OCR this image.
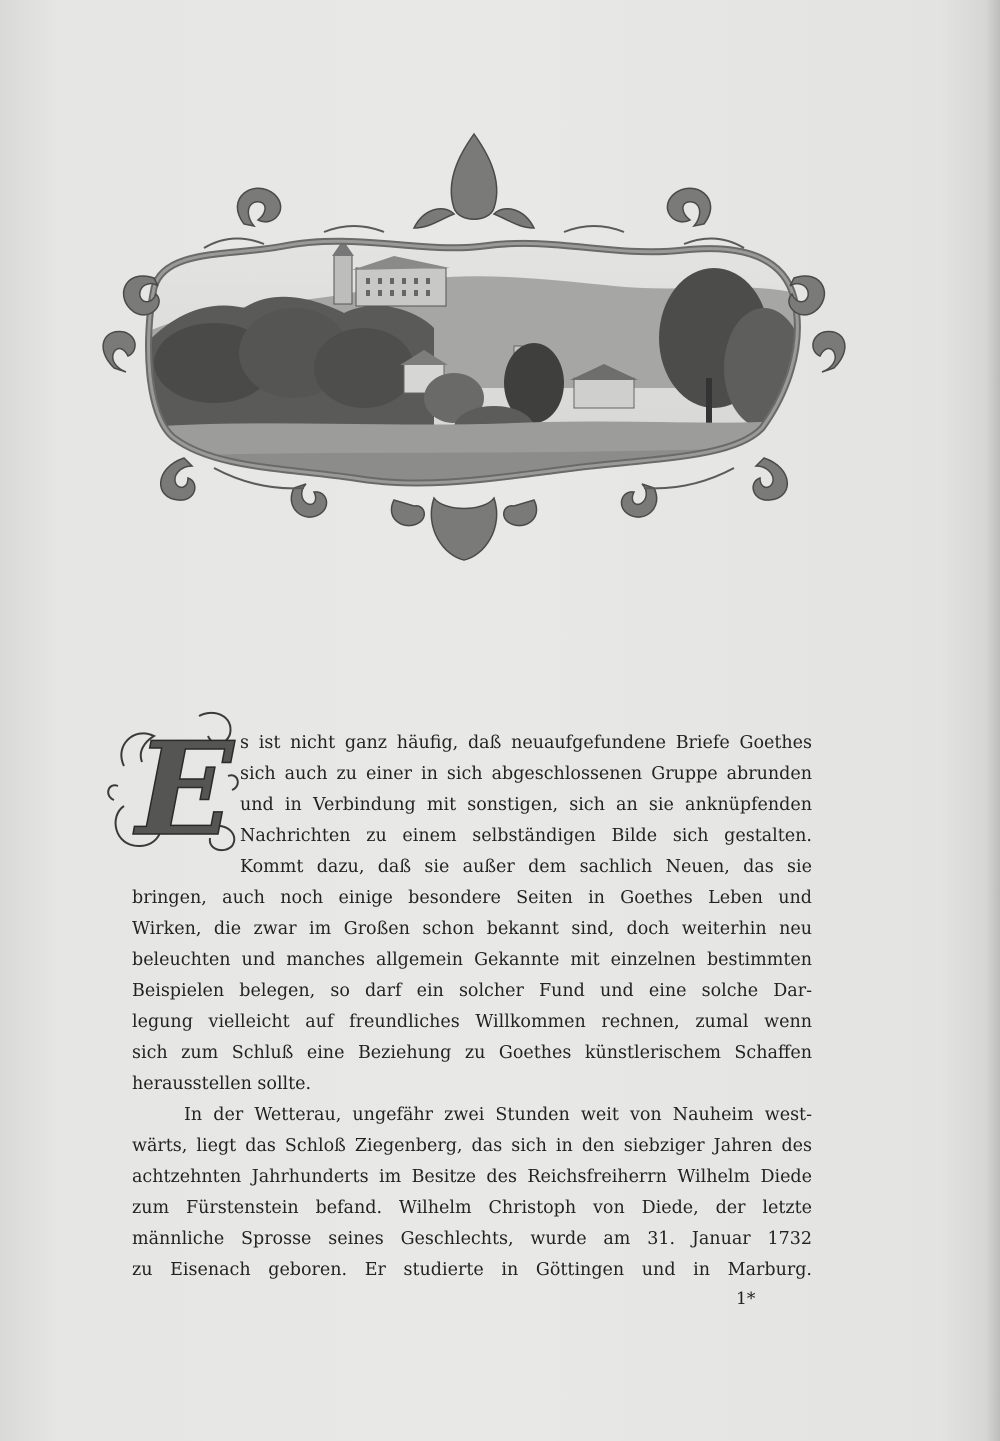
E s ist nicht ganz häufig, daß neuaufgefundene Briefe Goethes
sich auch zu einer in sich abgeschlossenen Gruppe abrunden
und in Verbindung mit sonstigen, sich an sie anknüpfenden
Nachrichten zu einem selbständigen Bilde sich gestalten.
Kommt dazu, daß sie außer dem sachlich Neuen, das sie
bringen, auch noch einige besondere Seiten in Goethes Leben und
Wirken, die zwar im Großen schon bekannt sind, doch weiterhin neu
beleuchten und manches allgemein Gekannte mit einzelnen bestimmten
Beispielen belegen, so darf ein solcher Fund und eine solche Dar-
legung vielleicht auf freundliches Willkommen rechnen, zumal wenn
sich zum Schluß eine Beziehung zu Goethes künstlerischem Schaffen
herausstellen sollte.
In der Wetterau, ungefähr zwei Stunden weit von Nauheim west-
wärts, liegt das Schloß Ziegenberg, das sich in den siebziger Jahren des
achtzehnten Jahrhunderts im Besitze des Reichsfreiherrn Wilhelm Diede
zum Fürstenstein befand. Wilhelm Christoph von Diede, der letzte
männliche Sprosse seines Geschlechts, wurde am 31. Januar 1732
zu Eisenach geboren. Er studierte in Göttingen und in Marburg.
1*
